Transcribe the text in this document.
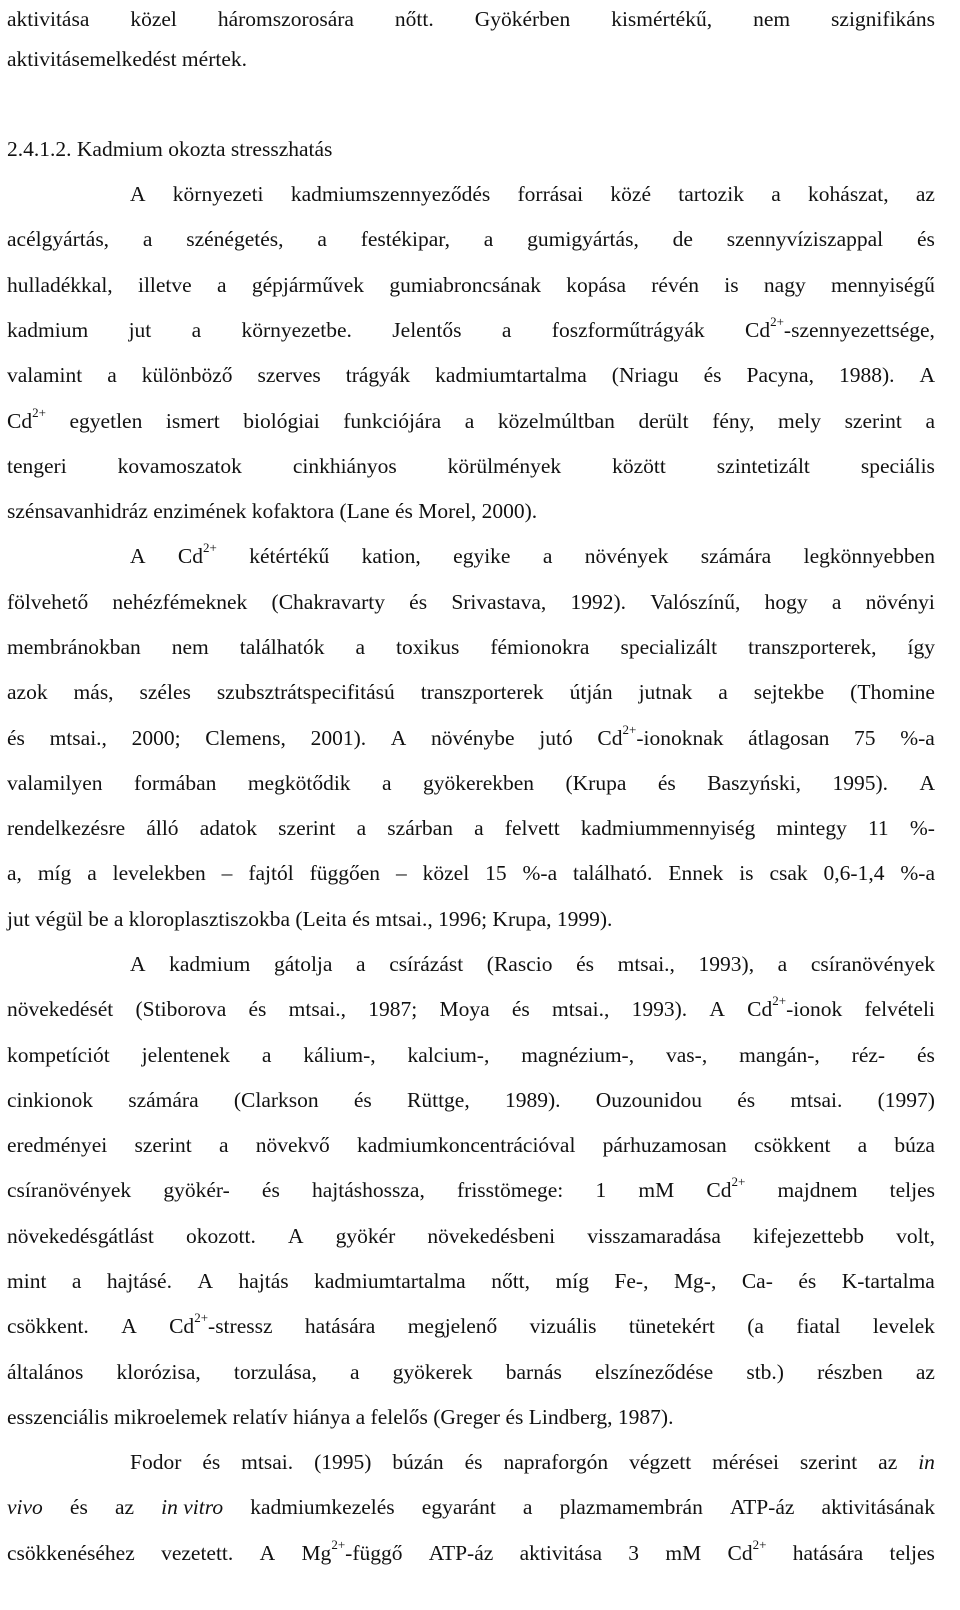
aktivitása közel háromszorosára nőtt. Gyökérben kismértékű, nem szignifikáns
aktivitásemelkedést mértek.
2.4.1.2. Kadmium okozta stresszhatás
A környezeti kadmiumszennyeződés forrásai közé tartozik a kohászat, az
acélgyártás, a szénégetés, a festékipar, a gumigyártás, de szennyvíziszappal és
hulladékkal, illetve a gépjárművek gumiabroncsának kopása révén is nagy mennyiségű
kadmium jut a környezetbe. Jelentős a foszforműtrágyák $Cd^{2+}$-szennyezettsége,
valamint a különböző szerves trágyák kadmiumtartalma (Nriagu és Pacyna, 1988). A
$Cd^{2+}$ egyetlen ismert biológiai funkciójára a közelmúltban derült fény, mely szerint a
tengeri kovamoszatok cinkhiányos körülmények között szintetizált speciális
szénsavanhidráz enzimének kofaktora (Lane és Morel, 2000).
A $Cd^{2+}$ kétértékű kation, egyike a növények számára legkönnyebben
fölvehető nehézfémeknek (Chakravarty és Srivastava, 1992). Valószínű, hogy a növényi
membránokban nem találhatók a toxikus fémionokra specializált transzporterek, így
azok más, széles szubsztrátspecifitású transzporterek útján jutnak a sejtekbe (Thomine
és mtsai., 2000; Clemens, 2001). A növénybe jutó $Cd^{2+}$-ionoknak átlagosan 75 %-a
valamilyen formában megkötődik a gyökerekben (Krupa és Baszyński, 1995). A
rendelkezésre álló adatok szerint a szárban a felvett kadmiummennyiség mintegy 11 %-
a, míg a levelekben – fajtól függően – közel 15 %-a található. Ennek is csak 0,6-1,4 %-a
jut végül be a kloroplasztiszokba (Leita és mtsai., 1996; Krupa, 1999).
A kadmium gátolja a csírázást (Rascio és mtsai., 1993), a csíranövények
növekedését (Stiborova és mtsai., 1987; Moya és mtsai., 1993). A $Cd^{2+}$-ionok felvételi
kompetíciót jelentenek a kálium-, kalcium-, magnézium-, vas-, mangán-, réz- és
cinkionok számára (Clarkson és Rüttge, 1989). Ouzounidou és mtsai. (1997)
eredményei szerint a növekvő kadmiumkoncentrációval párhuzamosan csökkent a búza
csíranövények gyökér- és hajtáshossza, frisstömege: 1 mM $Cd^{2+}$ majdnem teljes
növekedésgátlást okozott. A gyökér növekedésbeni visszamaradása kifejezettebb volt,
mint a hajtásé. A hajtás kadmiumtartalma nőtt, míg Fe-, Mg-, Ca- és K-tartalma
csökkent. A $Cd^{2+}$-stressz hatására megjelenő vizuális tünetekért (a fiatal levelek
általános klorózisa, torzulása, a gyökerek barnás elszíneződése stb.) részben az
esszenciális mikroelemek relatív hiánya a felelős (Greger és Lindberg, 1987).
Fodor és mtsai. (1995) búzán és napraforgón végzett mérései szerint az in
vivo és az in vitro kadmiumkezelés egyaránt a plazmamembrán ATP-áz aktivitásának
csökkenéséhez vezetett. A $Mg^{2+}$-függő ATP-áz aktivitása 3 mM $Cd^{2+}$ hatására teljes
